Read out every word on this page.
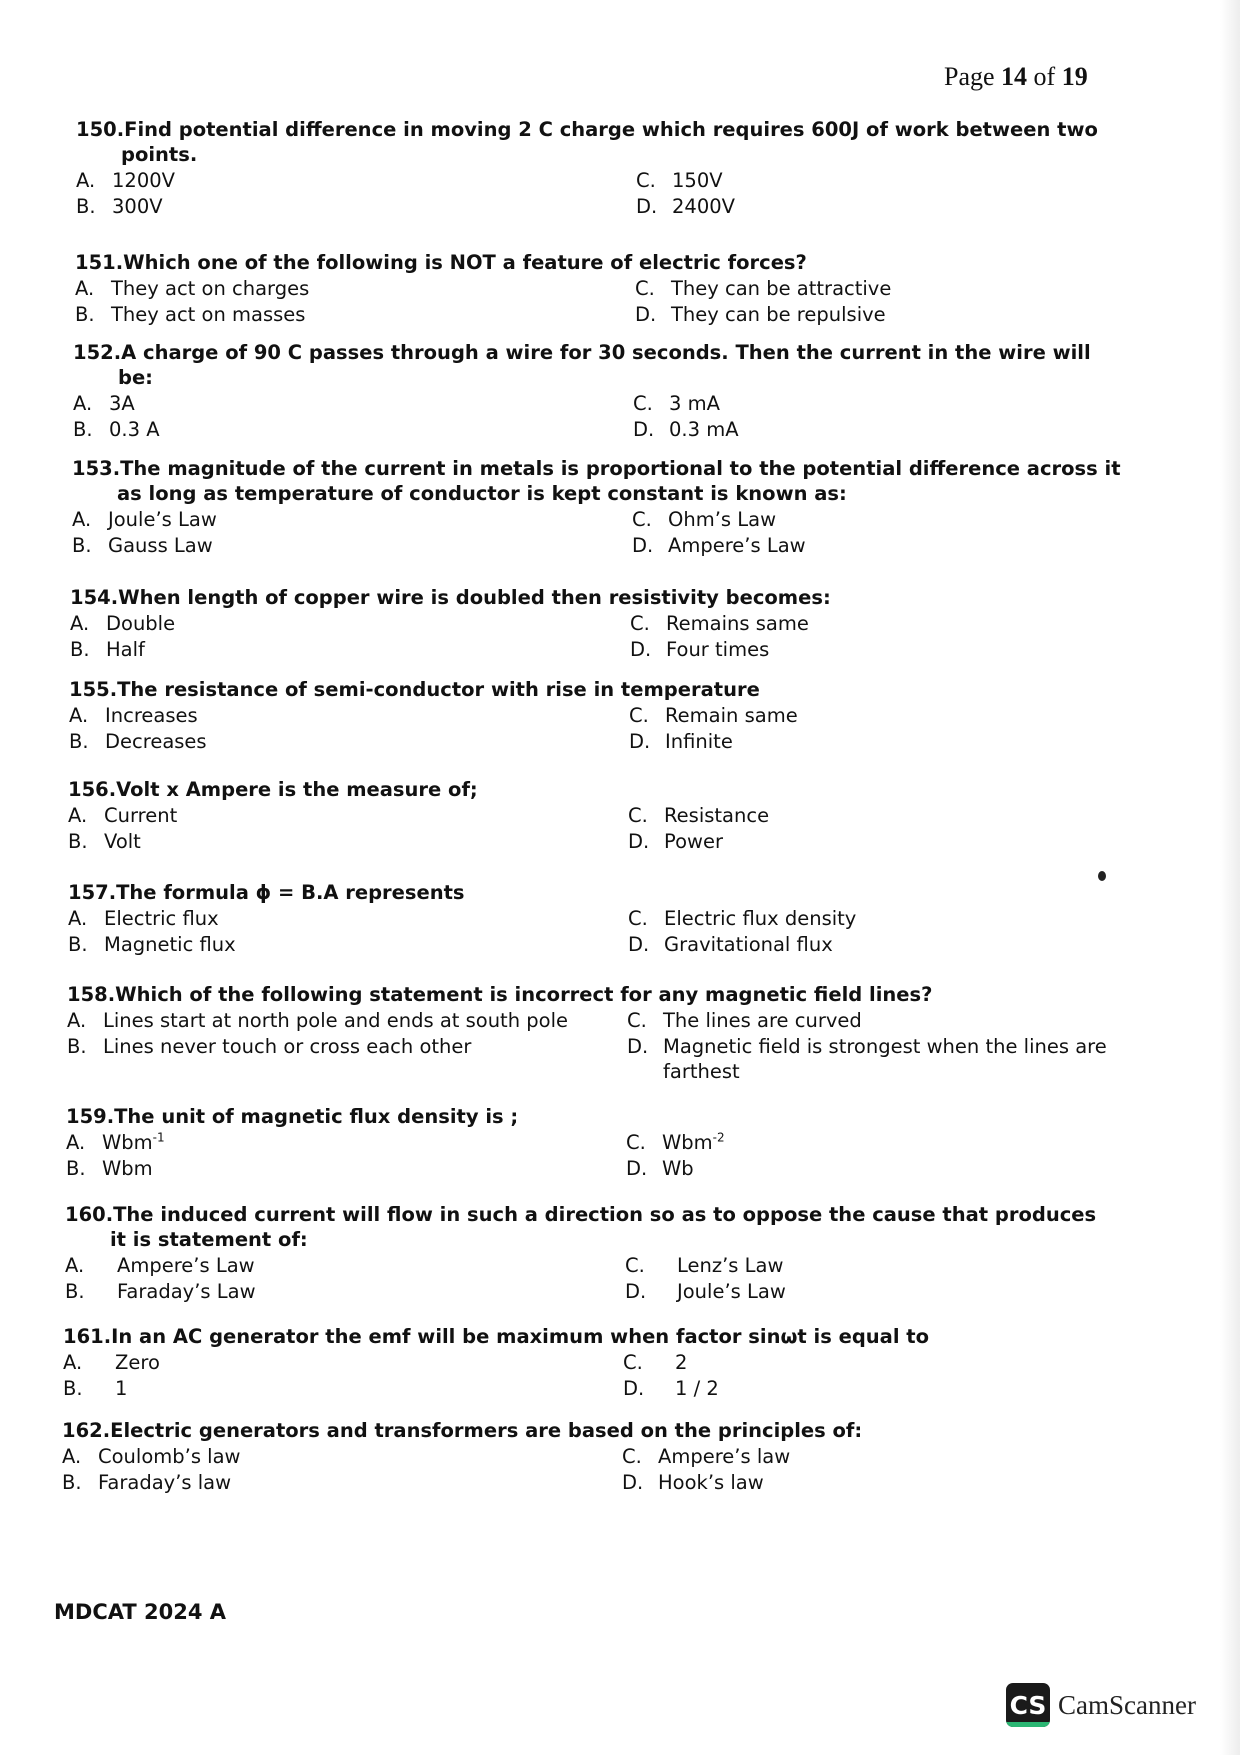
Page 14 of 19
150.Find potential difference in moving 2 C charge which requires 600J of work between two points.
A. 1200V	C. 150V
B. 300V	D. 2400V
151.Which one of the following is NOT a feature of electric forces?
A. They act on charges	C. They can be attractive
B. They act on masses	D. They can be repulsive
152.A charge of 90 C passes through a wire for 30 seconds. Then the current in the wire will be:
A. 3A	C. 3 mA
B. 0.3 A	D. 0.3 mA
153.The magnitude of the current in metals is proportional to the potential difference across it as long as temperature of conductor is kept constant is known as:
A. Joule’s Law	C. Ohm’s Law
B. Gauss Law	D. Ampere’s Law
154.When length of copper wire is doubled then resistivity becomes:
A. Double	C. Remains same
B. Half	D. Four times
155.The resistance of semi-conductor with rise in temperature
A. Increases	C. Remain same
B. Decreases	D. Infinite
156.Volt x Ampere is the measure of;
A. Current	C. Resistance
B. Volt	D. Power
157.The formula ϕ = B.A represents
A. Electric flux	C. Electric flux density
B. Magnetic flux	D. Gravitational flux
158.Which of the following statement is incorrect for any magnetic field lines?
A. Lines start at north pole and ends at south pole	C. The lines are curved
B. Lines never touch or cross each other	D. Magnetic field is strongest when the lines are farthest
159.The unit of magnetic flux density is ;
A. Wbm$^{-1}$	C. Wbm$^{-2}$
B. Wbm	D. Wb
160.The induced current will flow in such a direction so as to oppose the cause that produces it is statement of:
A.	Ampere’s Law	C.	Lenz’s Law
B.	Faraday’s Law	D.	Joule’s Law
161.In an AC generator the emf will be maximum when factor sinωt is equal to
A.	Zero	C.	2
B.	1	D.	1 / 2
162.Electric generators and transformers are based on the principles of:
A. Coulomb’s law	C. Ampere’s law
B. Faraday’s law	D. Hook’s law
MDCAT 2024 A
CS CamScanner
